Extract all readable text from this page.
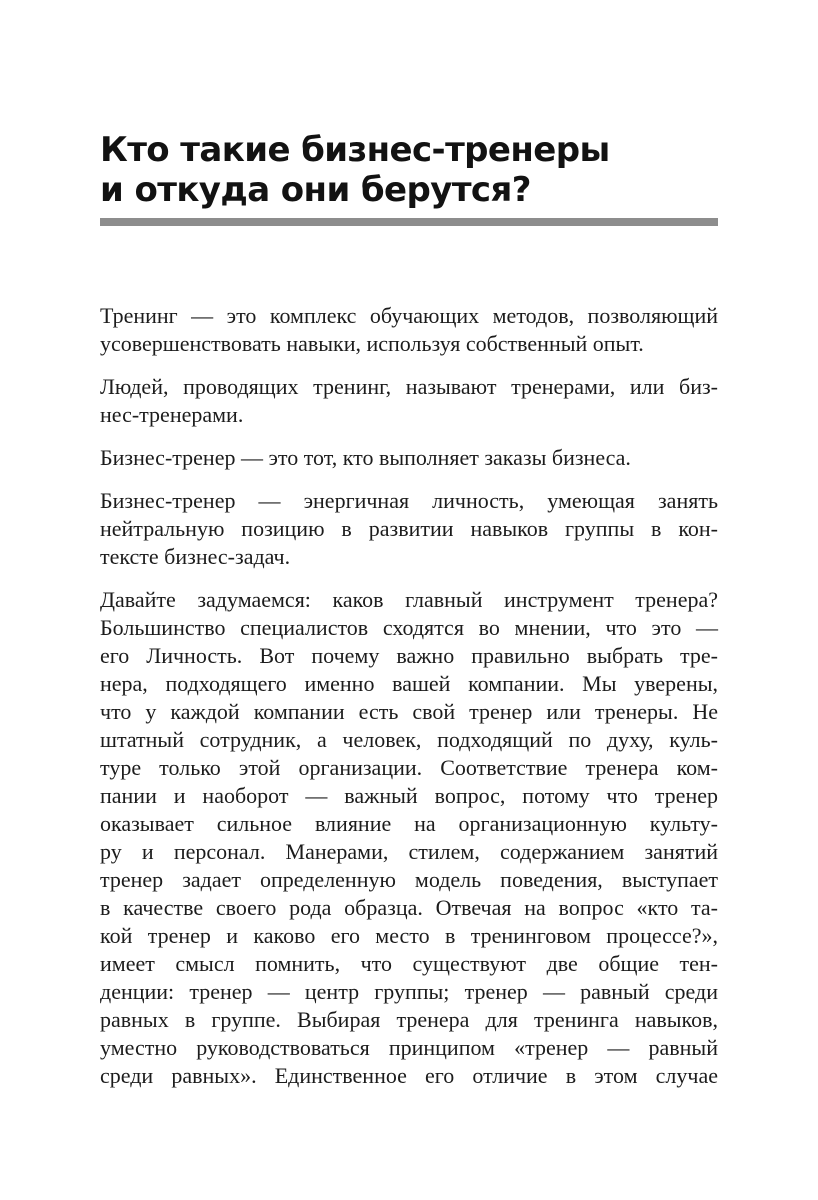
Кто такие бизнес-тренеры
и откуда они берутся?

Тренинг — это комплекс обучающих методов, позволяющий
усовершенствовать навыки, используя собственный опыт.

Людей, проводящих тренинг, называют тренерами, или биз-
нес-тренерами.

Бизнес-тренер — это тот, кто выполняет заказы бизнеса.

Бизнес-тренер — энергичная личность, умеющая занять
нейтральную позицию в развитии навыков группы в кон-
тексте бизнес-задач.

Давайте задумаемся: каков главный инструмент тренера?
Большинство специалистов сходятся во мнении, что это —
его Личность. Вот почему важно правильно выбрать тре-
нера, подходящего именно вашей компании. Мы уверены,
что у каждой компании есть свой тренер или тренеры. Не
штатный сотрудник, а человек, подходящий по духу, куль-
туре только этой организации. Соответствие тренера ком-
пании и наоборот — важный вопрос, потому что тренер
оказывает сильное влияние на организационную культу-
ру и персонал. Манерами, стилем, содержанием занятий
тренер задает определенную модель поведения, выступает
в качестве своего рода образца. Отвечая на вопрос «кто та-
кой тренер и каково его место в тренинговом процессе?»,
имеет смысл помнить, что существуют две общие тен-
денции: тренер — центр группы; тренер — равный среди
равных в группе. Выбирая тренера для тренинга навыков,
уместно руководствоваться принципом «тренер — равный
среди равных». Единственное его отличие в этом случае
